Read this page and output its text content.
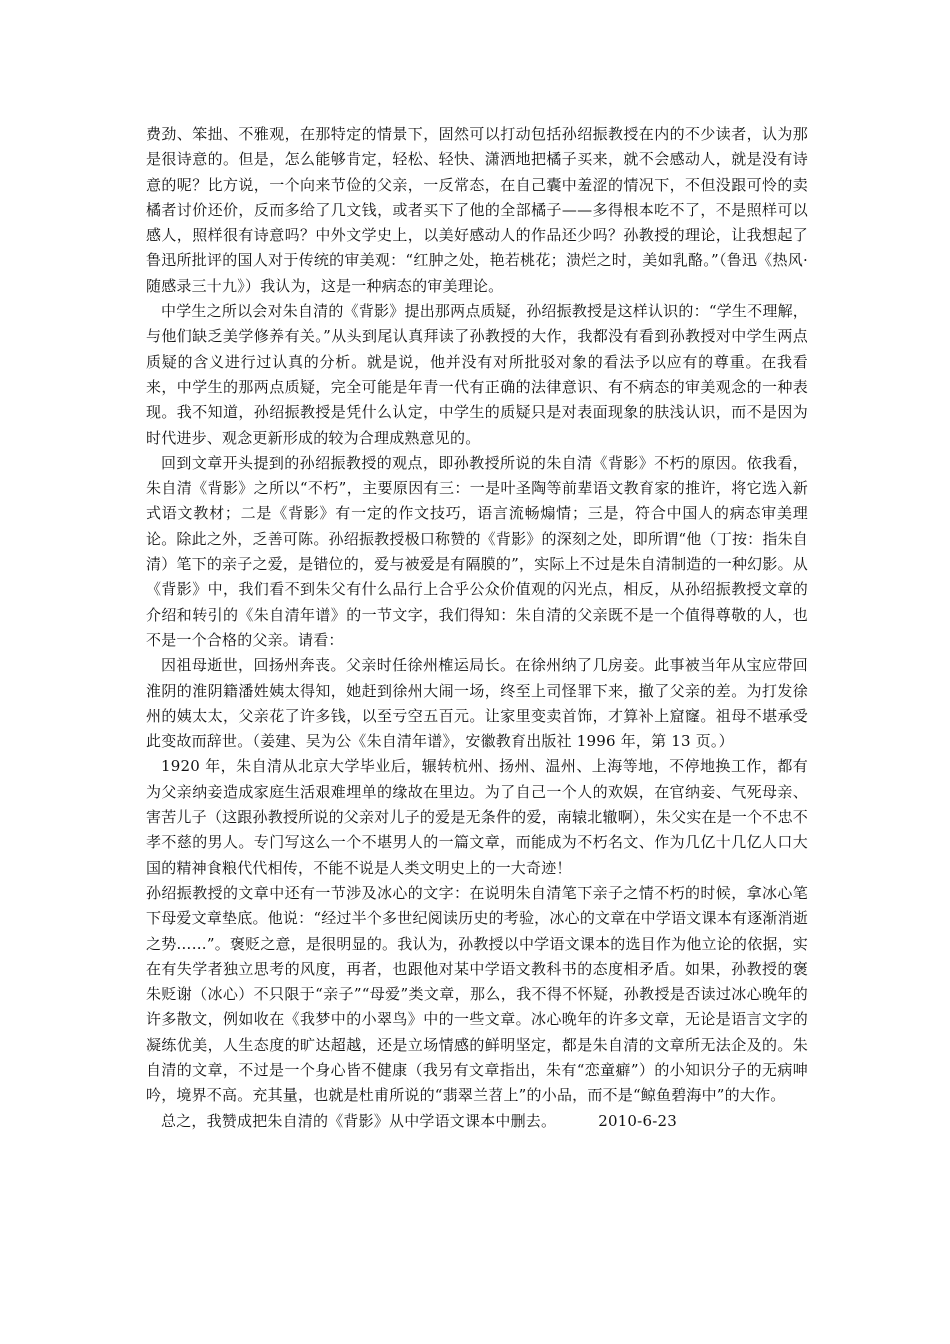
费劲、笨拙、不雅观，在那特定的情景下，固然可以打动包括孙绍振教授在内的不少读者，认为那是很诗意的。但是，怎么能够肯定，轻松、轻快、潇洒地把橘子买来，就不会感动人，就是没有诗意的呢？比方说，一个向来节俭的父亲，一反常态，在自己囊中羞涩的情况下，不但没跟可怜的卖橘者讨价还价，反而多给了几文钱，或者买下了他的全部橘子——多得根本吃不了，不是照样可以感人，照样很有诗意吗？中外文学史上，以美好感动人的作品还少吗？孙教授的理论，让我想起了鲁迅所批评的国人对于传统的审美观：“红肿之处，艳若桃花；溃烂之时，美如乳酪。”（鲁迅《热风·随感录三十九》）我认为，这是一种病态的审美理论。

中学生之所以会对朱自清的《背影》提出那两点质疑，孙绍振教授是这样认识的：“学生不理解，与他们缺乏美学修养有关。”从头到尾认真拜读了孙教授的大作，我都没有看到孙教授对中学生两点质疑的含义进行过认真的分析。就是说，他并没有对所批驳对象的看法予以应有的尊重。在我看来，中学生的那两点质疑，完全可能是年青一代有正确的法律意识、有不病态的审美观念的一种表现。我不知道，孙绍振教授是凭什么认定，中学生的质疑只是对表面现象的肤浅认识，而不是因为时代进步、观念更新形成的较为合理成熟意见的。

回到文章开头提到的孙绍振教授的观点，即孙教授所说的朱自清《背影》不朽的原因。依我看，朱自清《背影》之所以“不朽”，主要原因有三：一是叶圣陶等前辈语文教育家的推许，将它选入新式语文教材；二是《背影》有一定的作文技巧，语言流畅煽情；三是，符合中国人的病态审美理论。除此之外，乏善可陈。孙绍振教授极口称赞的《背影》的深刻之处，即所谓“他（丁按：指朱自清）笔下的亲子之爱，是错位的，爱与被爱是有隔膜的”，实际上不过是朱自清制造的一种幻影。从《背影》中，我们看不到朱父有什么品行上合乎公众价值观的闪光点，相反，从孙绍振教授文章的介绍和转引的《朱自清年谱》的一节文字，我们得知：朱自清的父亲既不是一个值得尊敬的人，也不是一个合格的父亲。请看：

因祖母逝世，回扬州奔丧。父亲时任徐州榷运局长。在徐州纳了几房妾。此事被当年从宝应带回淮阴的淮阴籍潘姓姨太得知，她赶到徐州大闹一场，终至上司怪罪下来，撤了父亲的差。为打发徐州的姨太太，父亲花了许多钱，以至亏空五百元。让家里变卖首饰，才算补上窟窿。祖母不堪承受此变故而辞世。（姜建、吴为公《朱自清年谱》，安徽教育出版社 1996 年，第 13 页。）

1920 年，朱自清从北京大学毕业后，辗转杭州、扬州、温州、上海等地，不停地换工作，都有为父亲纳妾造成家庭生活艰难埋单的缘故在里边。为了自己一个人的欢娱，在官纳妾、气死母亲、害苦儿子（这跟孙教授所说的父亲对儿子的爱是无条件的爱，南辕北辙啊），朱父实在是一个不忠不孝不慈的男人。专门写这么一个不堪男人的一篇文章，而能成为不朽名文、作为几亿十几亿人口大国的精神食粮代代相传，不能不说是人类文明史上的一大奇迹！

孙绍振教授的文章中还有一节涉及冰心的文字：在说明朱自清笔下亲子之情不朽的时候，拿冰心笔下母爱文章垫底。他说：“经过半个多世纪阅读历史的考验，冰心的文章在中学语文课本有逐渐消逝之势……”。褒贬之意，是很明显的。我认为，孙教授以中学语文课本的选目作为他立论的依据，实在有失学者独立思考的风度，再者，也跟他对某中学语文教科书的态度相矛盾。如果，孙教授的褒朱贬谢（冰心）不只限于“亲子”“母爱”类文章，那么，我不得不怀疑，孙教授是否读过冰心晚年的许多散文，例如收在《我梦中的小翠鸟》中的一些文章。冰心晚年的许多文章，无论是语言文字的凝练优美，人生态度的旷达超越，还是立场情感的鲜明坚定，都是朱自清的文章所无法企及的。朱自清的文章，不过是一个身心皆不健康（我另有文章指出，朱有“恋童癖”）的小知识分子的无病呻吟，境界不高。充其量，也就是杜甫所说的“翡翠兰苕上”的小品，而不是“鲸鱼碧海中”的大作。

总之，我赞成把朱自清的《背影》从中学语文课本中删去。	2010-6-23
